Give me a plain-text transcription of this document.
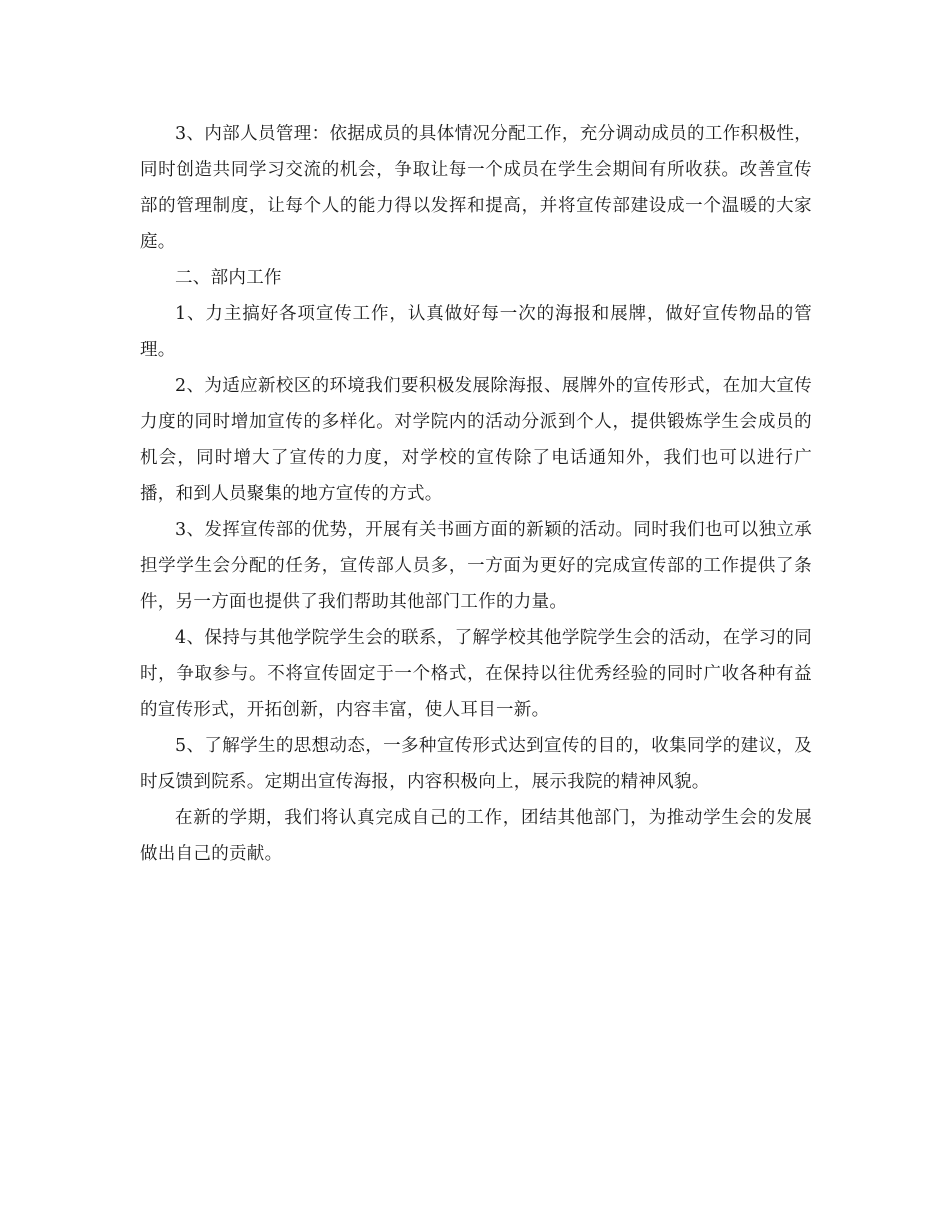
3、内部人员管理：依据成员的具体情况分配工作，充分调动成员的工作积极性，同时创造共同学习交流的机会，争取让每一个成员在学生会期间有所收获。改善宣传部的管理制度，让每个人的能力得以发挥和提高，并将宣传部建设成一个温暖的大家庭。

二、部内工作

1、力主搞好各项宣传工作，认真做好每一次的海报和展牌，做好宣传物品的管理。

2、为适应新校区的环境我们要积极发展除海报、展牌外的宣传形式，在加大宣传力度的同时增加宣传的多样化。对学院内的活动分派到个人，提供锻炼学生会成员的机会，同时增大了宣传的力度，对学校的宣传除了电话通知外，我们也可以进行广播，和到人员聚集的地方宣传的方式。

3、发挥宣传部的优势，开展有关书画方面的新颖的活动。同时我们也可以独立承担学学生会分配的任务，宣传部人员多，一方面为更好的完成宣传部的工作提供了条件，另一方面也提供了我们帮助其他部门工作的力量。

4、保持与其他学院学生会的联系，了解学校其他学院学生会的活动，在学习的同时，争取参与。不将宣传固定于一个格式，在保持以往优秀经验的同时广收各种有益的宣传形式，开拓创新，内容丰富，使人耳目一新。

5、了解学生的思想动态，一多种宣传形式达到宣传的目的，收集同学的建议，及时反馈到院系。定期出宣传海报，内容积极向上，展示我院的精神风貌。

在新的学期，我们将认真完成自己的工作，团结其他部门，为推动学生会的发展做出自己的贡献。
